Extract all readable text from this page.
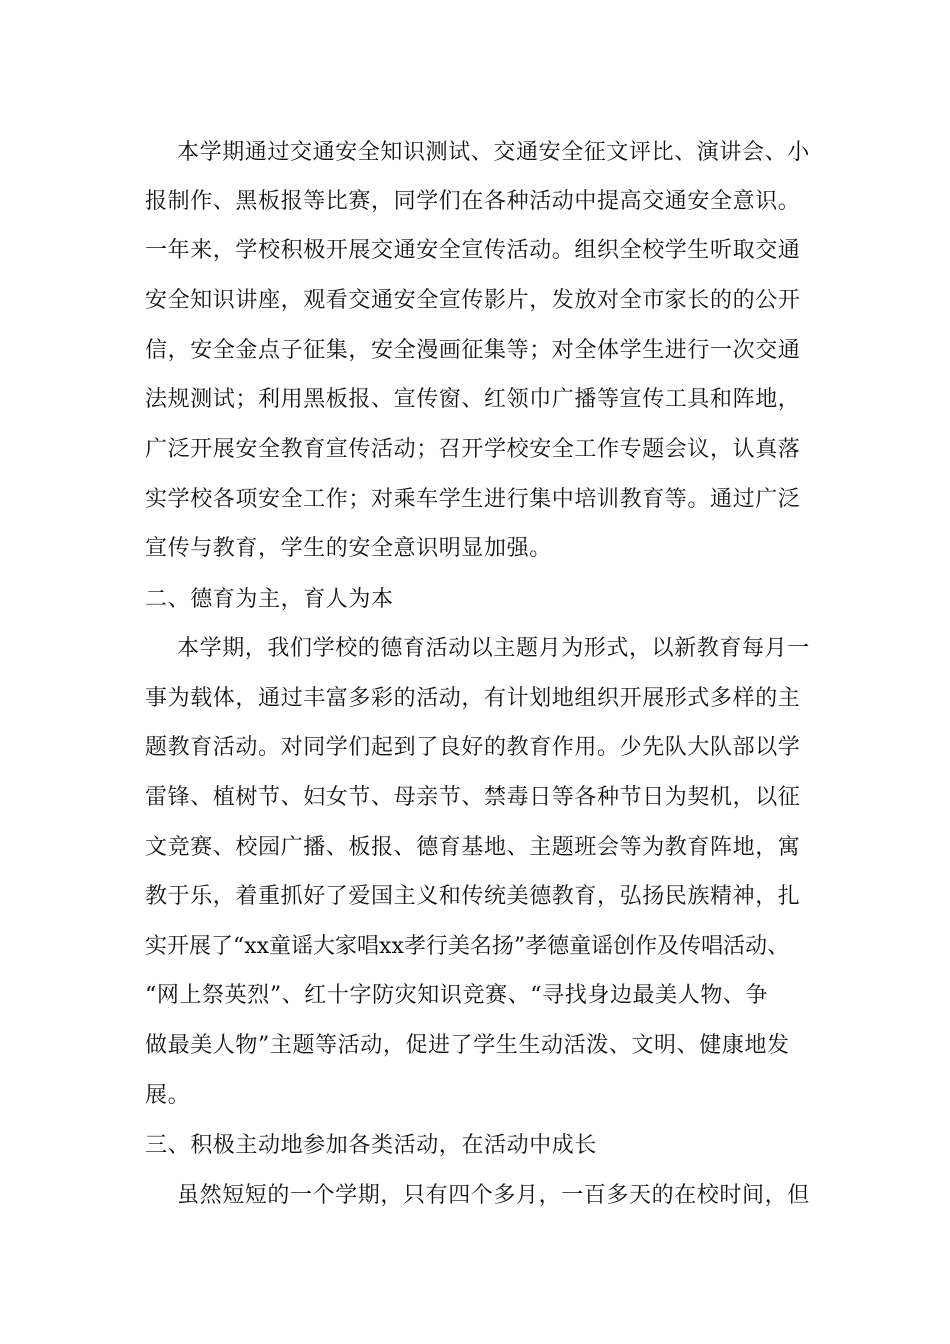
本学期通过交通安全知识测试、交通安全征文评比、演讲会、小
报制作、黑板报等比赛，同学们在各种活动中提高交通安全意识。
一年来，学校积极开展交通安全宣传活动。组织全校学生听取交通
安全知识讲座，观看交通安全宣传影片，发放对全市家长的的公开
信，安全金点子征集，安全漫画征集等；对全体学生进行一次交通
法规测试；利用黑板报、宣传窗、红领巾广播等宣传工具和阵地，
广泛开展安全教育宣传活动；召开学校安全工作专题会议，认真落
实学校各项安全工作；对乘车学生进行集中培训教育等。通过广泛
宣传与教育，学生的安全意识明显加强。
二、德育为主，育人为本
本学期，我们学校的德育活动以主题月为形式，以新教育每月一
事为载体，通过丰富多彩的活动，有计划地组织开展形式多样的主
题教育活动。对同学们起到了良好的教育作用。少先队大队部以学
雷锋、植树节、妇女节、母亲节、禁毒日等各种节日为契机，以征
文竞赛、校园广播、板报、德育基地、主题班会等为教育阵地，寓
教于乐，着重抓好了爱国主义和传统美德教育，弘扬民族精神，扎
实开展了“xx童谣大家唱xx孝行美名扬”孝德童谣创作及传唱活动、
“网上祭英烈”、红十字防灾知识竞赛、“寻找身边最美人物、争
做最美人物”主题等活动，促进了学生生动活泼、文明、健康地发
展。
三、积极主动地参加各类活动，在活动中成长
虽然短短的一个学期，只有四个多月，一百多天的在校时间，但
